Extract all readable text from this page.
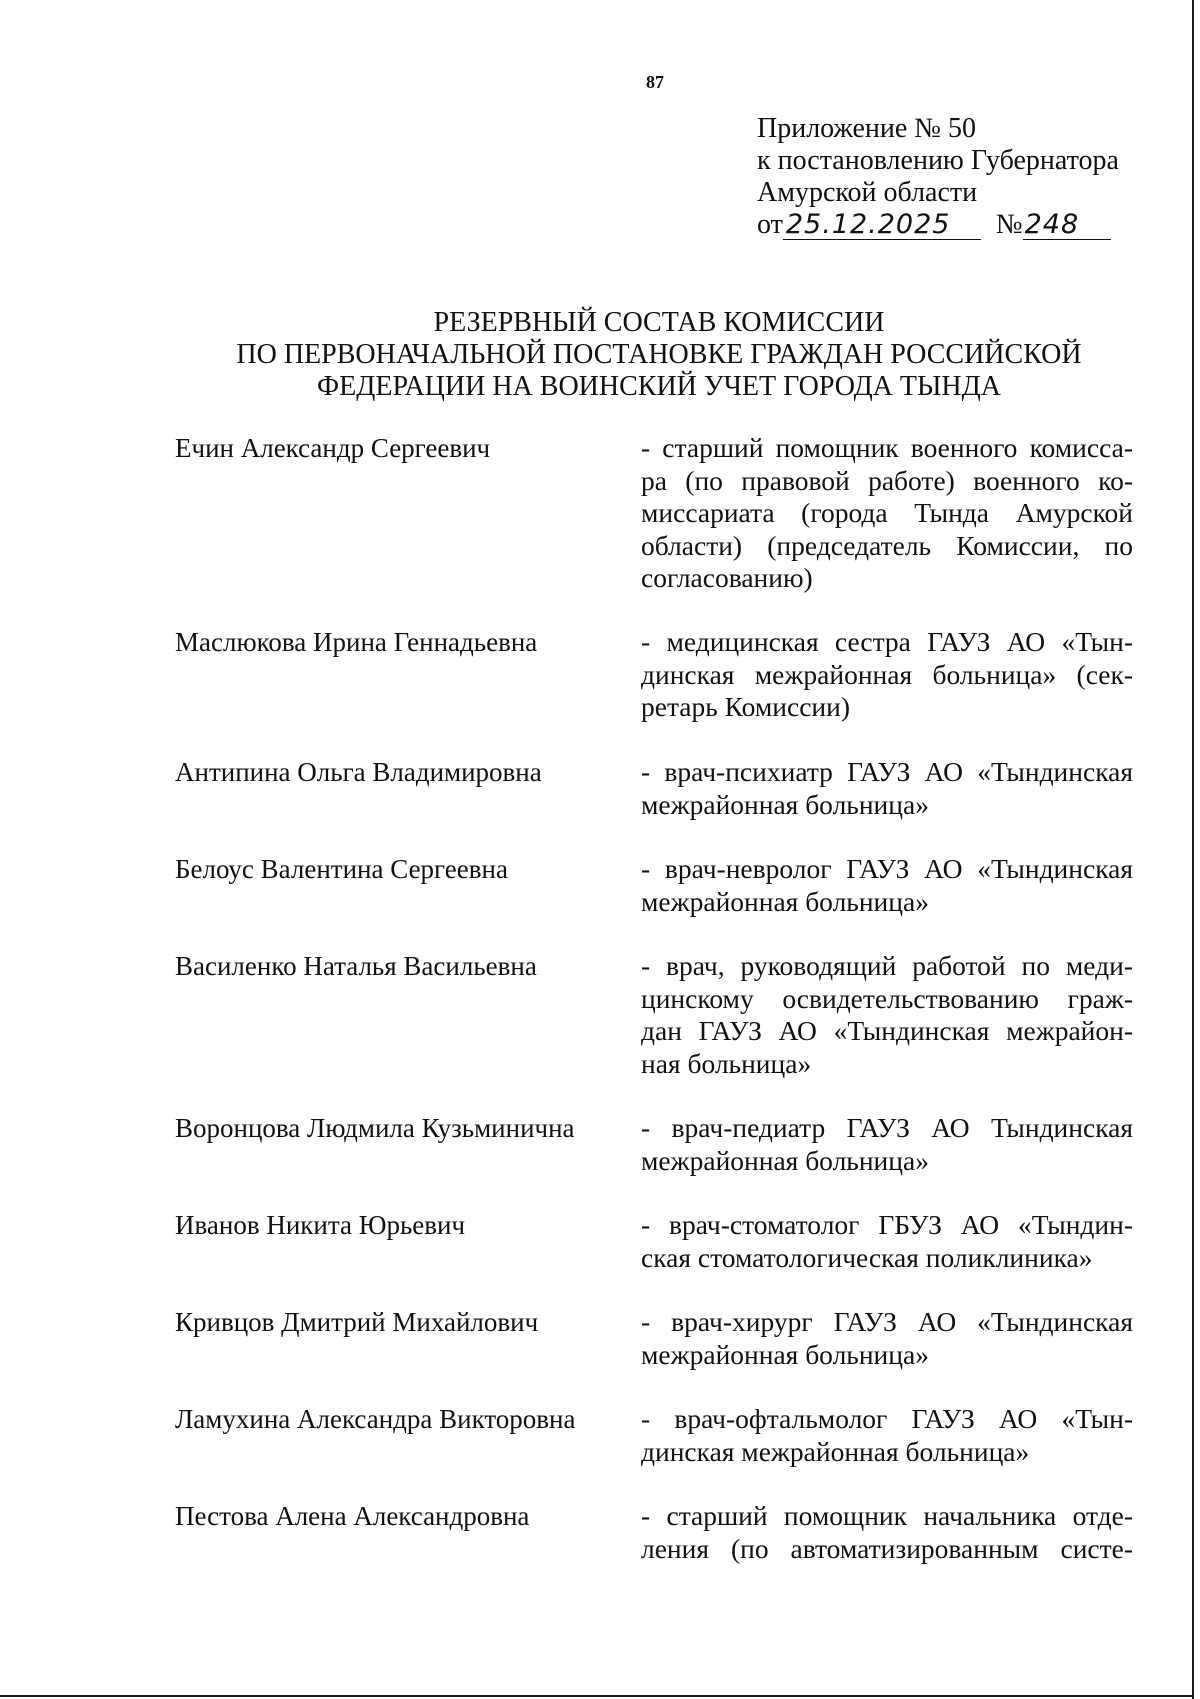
87
Приложение № 50
к постановлению Губернатора
Амурской области
от 25.12.2025 №248
РЕЗЕРВНЫЙ СОСТАВ КОМИССИИ
ПО ПЕРВОНАЧАЛЬНОЙ ПОСТАНОВКЕ ГРАЖДАН РОССИЙСКОЙ
ФЕДЕРАЦИИ НА ВОИНСКИЙ УЧЕТ ГОРОДА ТЫНДА
Ечин Александр Сергеевич	- старший помощник военного комисса-
ра (по правовой работе) военного ко-
миссариата (города Тында Амурской
области) (председатель Комиссии, по
согласованию)
Маслюкова Ирина Геннадьевна	- медицинская сестра ГАУЗ АО «Тын-
динская межрайонная больница» (сек-
ретарь Комиссии)
Антипина Ольга Владимировна	- врач-психиатр ГАУЗ АО «Тындинская
межрайонная больница»
Белоус Валентина Сергеевна	- врач-невролог ГАУЗ АО «Тындинская
межрайонная больница»
Василенко Наталья Васильевна	- врач, руководящий работой по меди-
цинскому освидетельствованию граж-
дан ГАУЗ АО «Тындинская межрайон-
ная больница»
Воронцова Людмила Кузьминична	- врач-педиатр ГАУЗ АО Тындинская
межрайонная больница»
Иванов Никита Юрьевич	- врач-стоматолог ГБУЗ АО «Тындин-
ская стоматологическая поликлиника»
Кривцов Дмитрий Михайлович	- врач-хирург ГАУЗ АО «Тындинская
межрайонная больница»
Ламухина Александра Викторовна	- врач-офтальмолог ГАУЗ АО «Тын-
динская межрайонная больница»
Пестова Алена Александровна	- старший помощник начальника отде-
ления (по автоматизированным систе-
